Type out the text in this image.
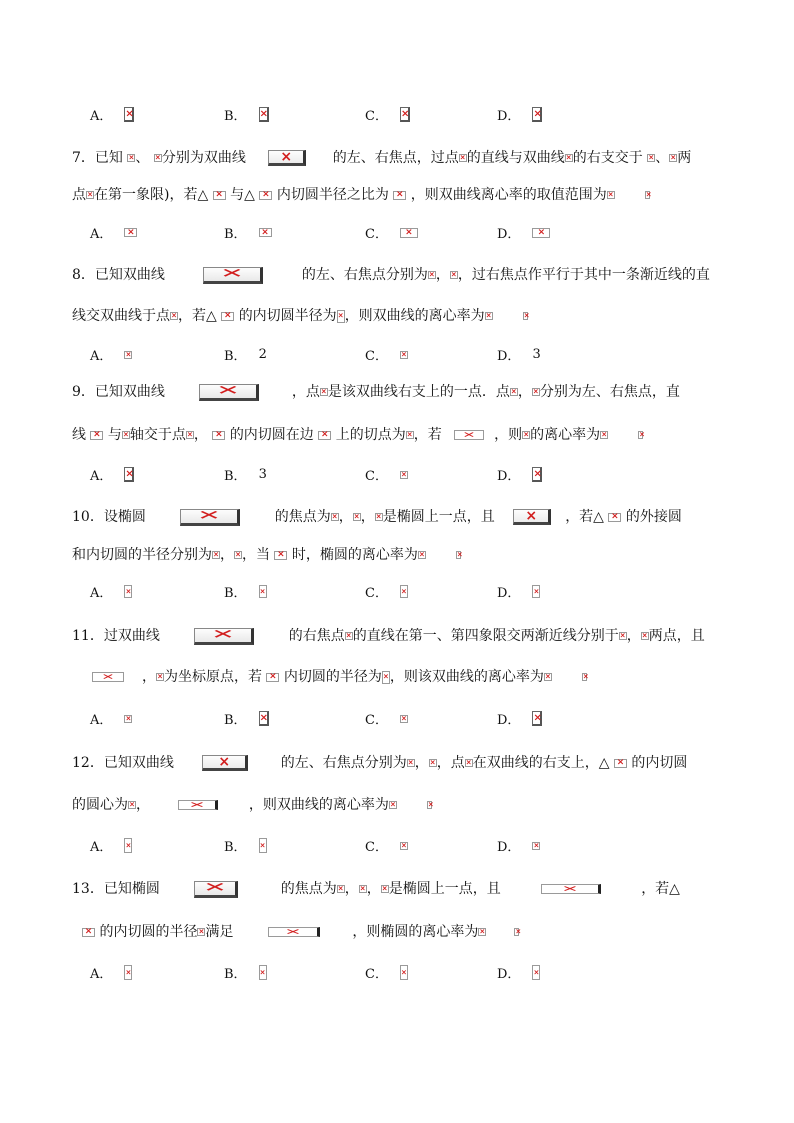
A． ×	B． ×	C． ×	D．×
7．已知 × 、 × 分别为双曲线 ×	的左、右焦点，过点 × 的直线与双曲线 × 的右支交于 × 、 × 两
点 × 在第一象限)，若△ × 与△ × 内切圆半径之比为 × ，则双曲线离心率的取值范围为××
A． ×	B． ×	C． ×	D．×
8．已知双曲线 ✕	的左、右焦点分别为 × ， × ，过右焦点作平行于其中一条渐近线的直
线交双曲线于点 × ，若△ × 的内切圆半径为 × ，则双曲线的离心率为××
A． ×	B． 2	C． ×	D． 3
9．已知双曲线 ✕	，点 × 是该双曲线右支上的一点．点 × ， × 分别为左、右焦点，直
线 × 与 × 轴交于点 × ， × 的内切圆在边 × 上的切点为 × ，若 ✕	，则 × 的离心率为××
A． ×	B． 3	C． ×	D．×
10．设椭圆 ✕	的焦点为 × ， × ， × 是椭圆上一点，且 ×	，若△ × 的外接圆
和内切圆的半径分别为 × ， × ，当 × 时，椭圆的离心率为××
A． ×	B． ×	C． ×	D．×
11．过双曲线 ✕	的右焦点 × 的直线在第一、第四象限交两渐近线分别于 × ， × 两点，且
✕， × 为坐标原点，若 × 内切圆的半径为 × ，则该双曲线的离心率为××
A． ×	B． ×	C． ×	D．×
12．已知双曲线 ×	的左、右焦点分别为 × ， × ，点 × 在双曲线的右支上，△ × 的内切圆
的圆心为 × ， ✕	，则双曲线的离心率为××
A． ×	B． ×	C． ×	D．×
13．已知椭圆 ✕	的焦点为 × ， × ， × 是椭圆上一点，且 ✕	，若△
× 的内切圆的半径 × 满足 ✕	，则椭圆的离心率为××
A． ×	B． ×	C． ×	D．×
